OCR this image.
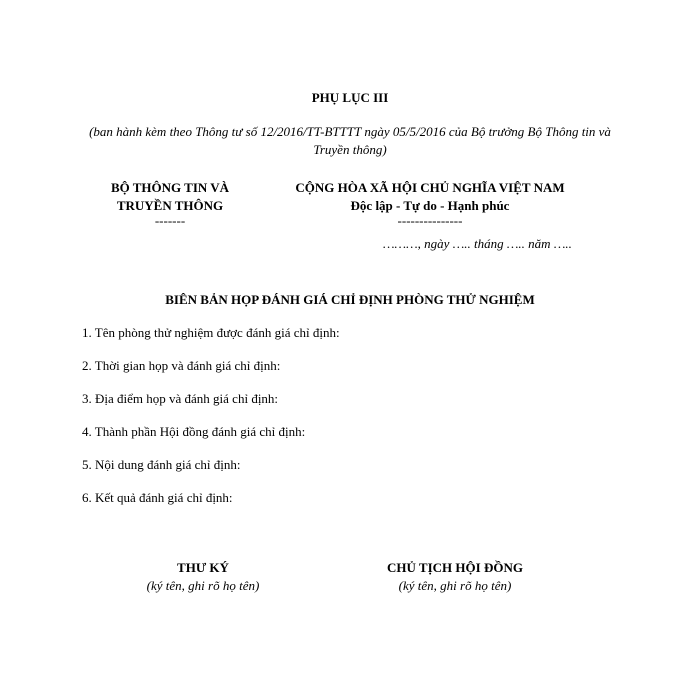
PHỤ LỤC III
(ban hành kèm theo Thông tư số 12/2016/TT-BTTTT ngày 05/5/2016 của Bộ trưởng Bộ Thông tin và Truyền thông)
BỘ THÔNG TIN VÀ
TRUYỀN THÔNG
-------
CỘNG HÒA XÃ HỘI CHỦ NGHĨA VIỆT NAM
Độc lập - Tự do - Hạnh phúc
---------------
………, ngày ….. tháng ….. năm …..
BIÊN BẢN HỌP ĐÁNH GIÁ CHỈ ĐỊNH PHÒNG THỬ NGHIỆM
1. Tên phòng thử nghiệm được đánh giá chỉ định:
2. Thời gian họp và đánh giá chỉ định:
3. Địa điểm họp và đánh giá chỉ định:
4. Thành phần Hội đồng đánh giá chỉ định:
5. Nội dung đánh giá chỉ định:
6. Kết quả đánh giá chỉ định:
THƯ KÝ
(ký tên, ghi rõ họ tên)
CHỦ TỊCH HỘI ĐỒNG
(ký tên, ghi rõ họ tên)
